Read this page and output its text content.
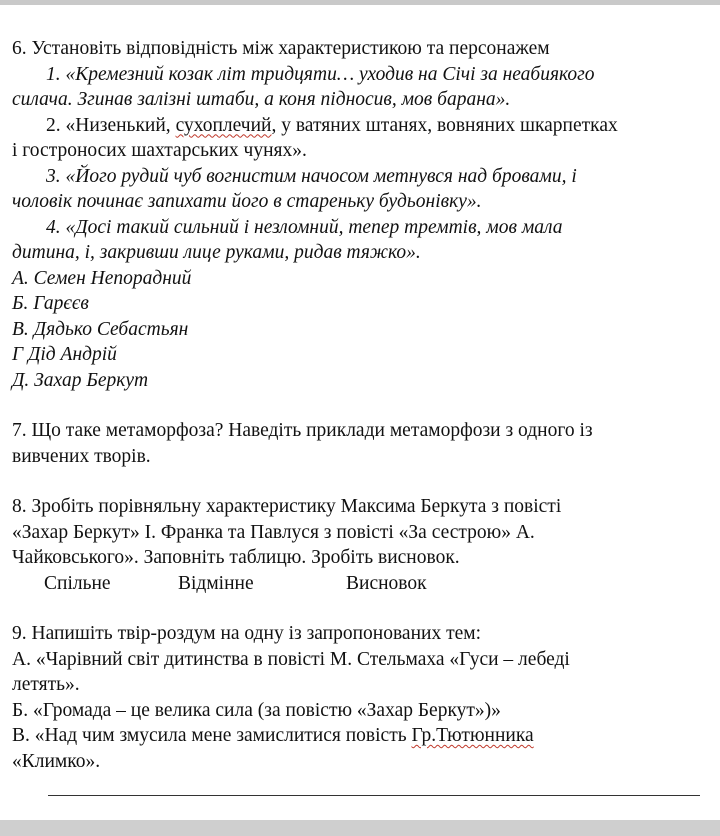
6. Установіть відповідність між характеристикою та персонажем
1. «Кремезний козак літ тридцяти… уходив на Січі за неабиякого
силача. Згинав залізні штаби, а коня підносив, мов барана».
2. «Низенький, сухоплечий, у ватяних штанях, вовняних шкарпетках
і гостроносих шахтарських чунях».
3. «Його рудий чуб вогнистим начосом метнувся над бровами, і
чоловік починає запихати його в стареньку будьонівку».
4. «Досі такий сильний і незломний, тепер тремтів, мов мала
дитина, і, закривши лице руками, ридав тяжко».
А. Семен Непорадний
Б. Гарєєв
В. Дядько Себастьян
Г Дід Андрій
Д. Захар Беркут
7. Що таке метаморфоза? Наведіть приклади метаморфози з одного із
вивчених творів.
8. Зробіть порівняльну характеристику Максима Беркута з повісті
«Захар Беркут» І. Франка та Павлуся з повісті «За сестрою» А.
Чайковського». Заповніть таблицю. Зробіть висновок.
Спільне	Відмінне	Висновок
9. Напишіть твір-роздум на одну із запропонованих тем:
А. «Чарівний світ дитинства в повісті М. Стельмаха «Гуси – лебеді
летять».
Б. «Громада – це велика сила (за повістю «Захар Беркут»)»
В. «Над чим змусила мене замислитися повість Гр.Тютюнника
«Климко».
